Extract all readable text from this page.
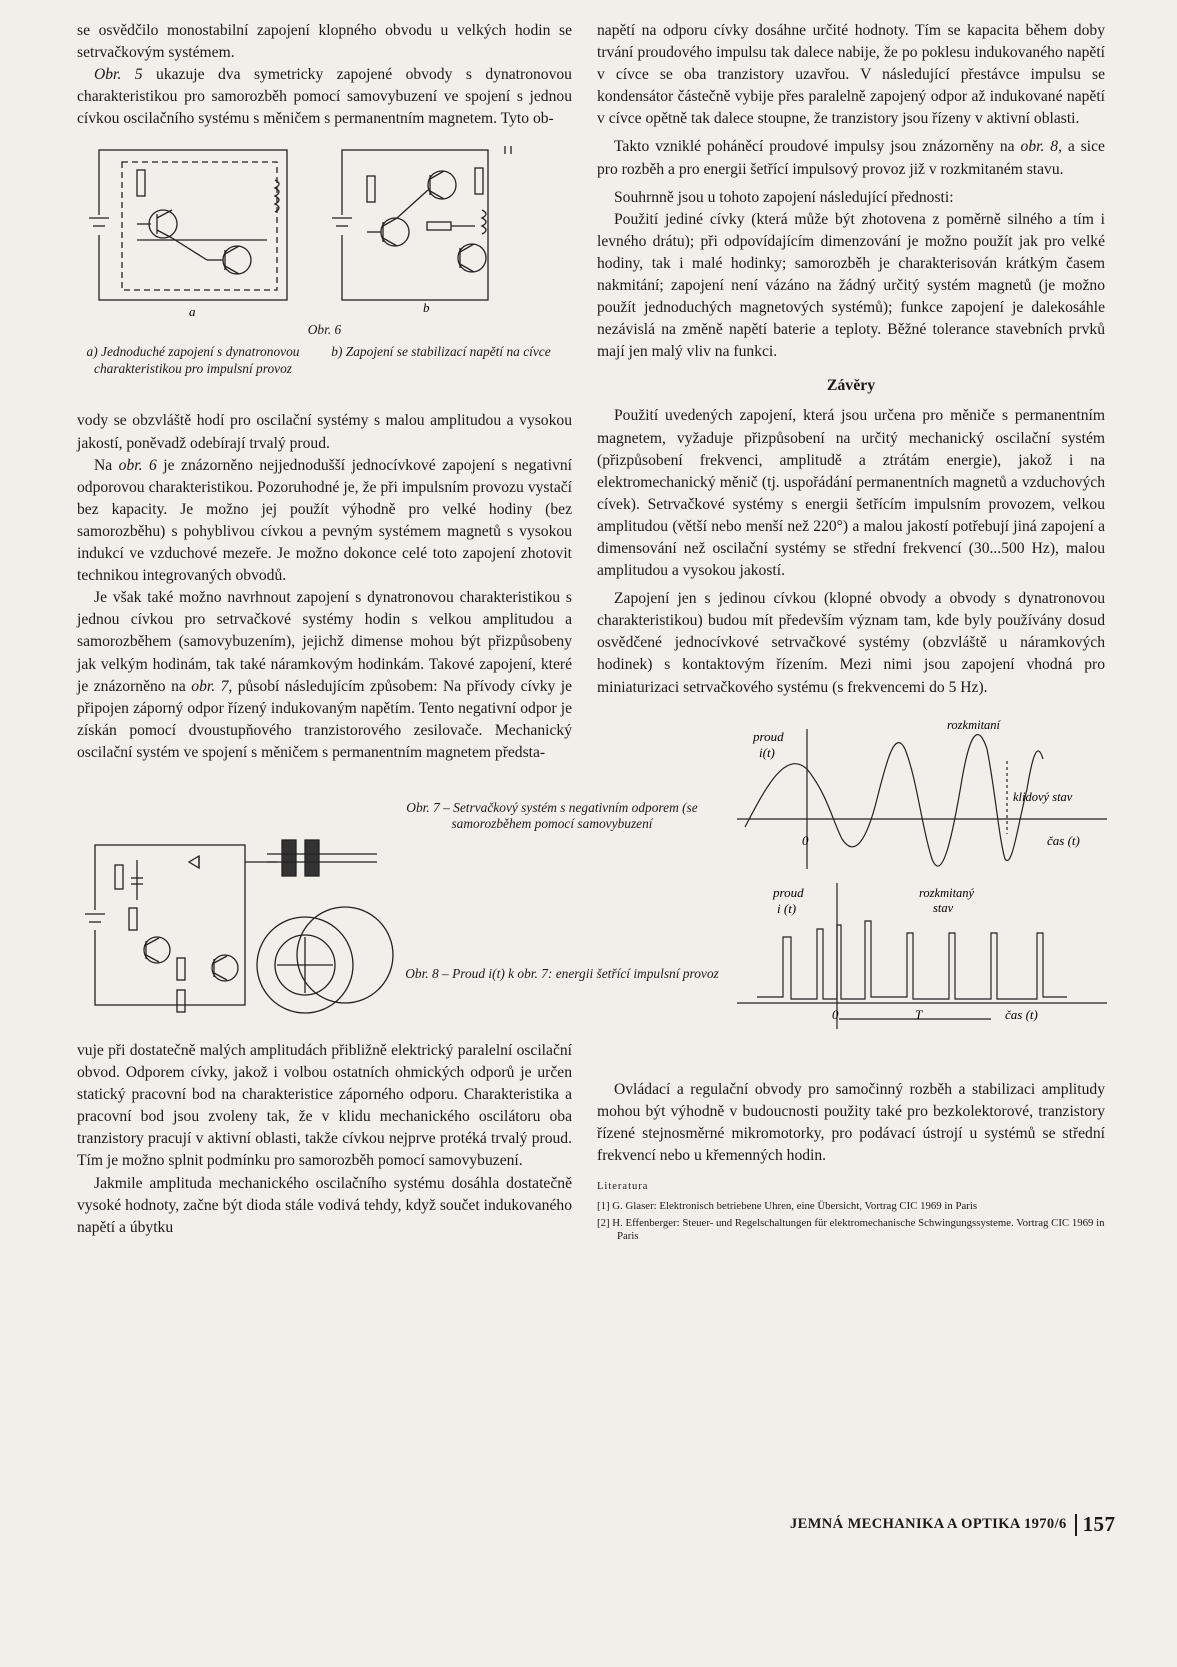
se osvědčilo monostabilní zapojení klopného obvodu u velkých hodin se setrvačkovým systémem.

Obr. 5 ukazuje dva symetricky zapojené obvody s dynatronovou charakteristikou pro samorozběh pomocí samovybuzení ve spojení s jednou cívkou oscilačního systému s měničem s permanentním magnetem. Tyto ob-

a	b
Obr. 6
a) Jednoduché zapojení s dynatronovou charakteristikou pro impulsní provoz
b) Zapojení se stabilizací napětí na cívce

vody se obzvláště hodí pro oscilační systémy s malou amplitudou a vysokou jakostí, poněvadž odebírají trvalý proud.

Na obr. 6 je znázorněno nejjednodušší jednocívkové zapojení s negativní odporovou charakteristikou. Pozoruhodné je, že při impulsním provozu vystačí bez kapacity. Je možno jej použít výhodně pro velké hodiny (bez samorozběhu) s pohyblivou cívkou a pevným systémem magnetů s vysokou indukcí ve vzduchové mezeře. Je možno dokonce celé toto zapojení zhotovit technikou integrovaných obvodů.

Je však také možno navrhnout zapojení s dynatronovou charakteristikou s jednou cívkou pro setrvačkové systémy hodin s velkou amplitudou a samorozběhem (samovybuzením), jejichž dimense mohou být přizpůsobeny jak velkým hodinám, tak také náramkovým hodinkám. Takové zapojení, které je znázorněno na obr. 7, působí následujícím způsobem: Na přívody cívky je připojen záporný odpor řízený indukovaným napětím. Tento negativní odpor je získán pomocí dvoustupňového tranzistorového zesilovače. Mechanický oscilační systém ve spojení s měničem s permanentním magnetem předsta-

Obr. 7 – Setrvačkový systém s negativním odporem (se samorozběhem pomocí samovybuzení
Obr. 8 – Proud i(t) k obr. 7: energii šetřící impulsní provoz

vuje při dostatečně malých amplitudách přibližně elektrický paralelní oscilační obvod. Odporem cívky, jakož i volbou ostatních ohmických odporů je určen statický pracovní bod na charakteristice záporného odporu. Charakteristika a pracovní bod jsou zvoleny tak, že v klidu mechanického oscilátoru oba tranzistory pracují v aktivní oblasti, takže cívkou nejprve protéká trvalý proud. Tím je možno splnit podmínku pro samorozběh pomocí samovybuzení.

Jakmile amplituda mechanického oscilačního systému dosáhla dostatečně vysoké hodnoty, začne být dioda stále vodivá tehdy, když součet indukovaného napětí a úbytku

napětí na odporu cívky dosáhne určité hodnoty. Tím se kapacita během doby trvání proudového impulsu tak dalece nabije, že po poklesu indukovaného napětí v cívce se oba tranzistory uzavřou. V následující přestávce impulsu se kondensátor částečně vybije přes paralelně zapojený odpor až indukované napětí v cívce opětně tak dalece stoupne, že tranzistory jsou řízeny v aktivní oblasti.

Takto vzniklé poháněcí proudové impulsy jsou znázorněny na obr. 8, a sice pro rozběh a pro energii šetřící impulsový provoz již v rozkmitaném stavu.

Souhrnně jsou u tohoto zapojení následující přednosti:

Použití jediné cívky (která může být zhotovena z poměrně silného a tím i levného drátu); při odpovídajícím dimenzování je možno použít jak pro velké hodiny, tak i malé hodinky; samorozběh je charakterisován krátkým časem nakmitání; zapojení není vázáno na žádný určitý systém magnetů (je možno použít jednoduchých magnetových systémů); funkce zapojení je dalekosáhle nezávislá na změně napětí baterie a teploty. Běžné tolerance stavebních prvků mají jen malý vliv na funkci.

Závěry

Použití uvedených zapojení, která jsou určena pro měniče s permanentním magnetem, vyžaduje přizpůsobení na určitý mechanický oscilační systém (přizpůsobení frekvenci, amplitudě a ztrátám energie), jakož i na elektromechanický měnič (tj. uspořádání permanentních magnetů a vzduchových cívek). Setrvačkové systémy s energii šetřícím impulsním provozem, velkou amplitudou (větší nebo menší než 220°) a malou jakostí potřebují jiná zapojení a dimensování než oscilační systémy se střední frekvencí (30...500 Hz), malou amplitudou a vysokou jakostí.

Zapojení jen s jedinou cívkou (klopné obvody a obvody s dynatronovou charakteristikou) budou mít především význam tam, kde byly používány dosud osvědčené jednocívkové setrvačkové systémy (obzvláště u náramkových hodinek) s kontaktovým řízením. Mezi nimi jsou zapojení vhodná pro miniaturizaci setrvačkového systému (s frekvencemi do 5 Hz).

proud
i(t)
rozkmitaní
klidový stav
0	čas (t)
proud
i (t)
rozkmitaný
stav
0	T	čas (t)

Ovládací a regulační obvody pro samočinný rozběh a stabilizaci amplitudy mohou být výhodně v budoucnosti použity také pro bezkolektorové, tranzistory řízené stejnosměrné mikromotorky, pro podávací ústrojí u systémů se střední frekvencí nebo u křemenných hodin.

Literatura

[1] G. Glaser: Elektronisch betriebene Uhren, eine Übersicht, Vortrag CIC 1969 in Paris

[2] H. Effenberger: Steuer- und Regelschaltungen für elektromechanische Schwingungssysteme. Vortrag CIC 1969 in Paris

JEMNÁ MECHANIKA A OPTIKA 1970/6 157
